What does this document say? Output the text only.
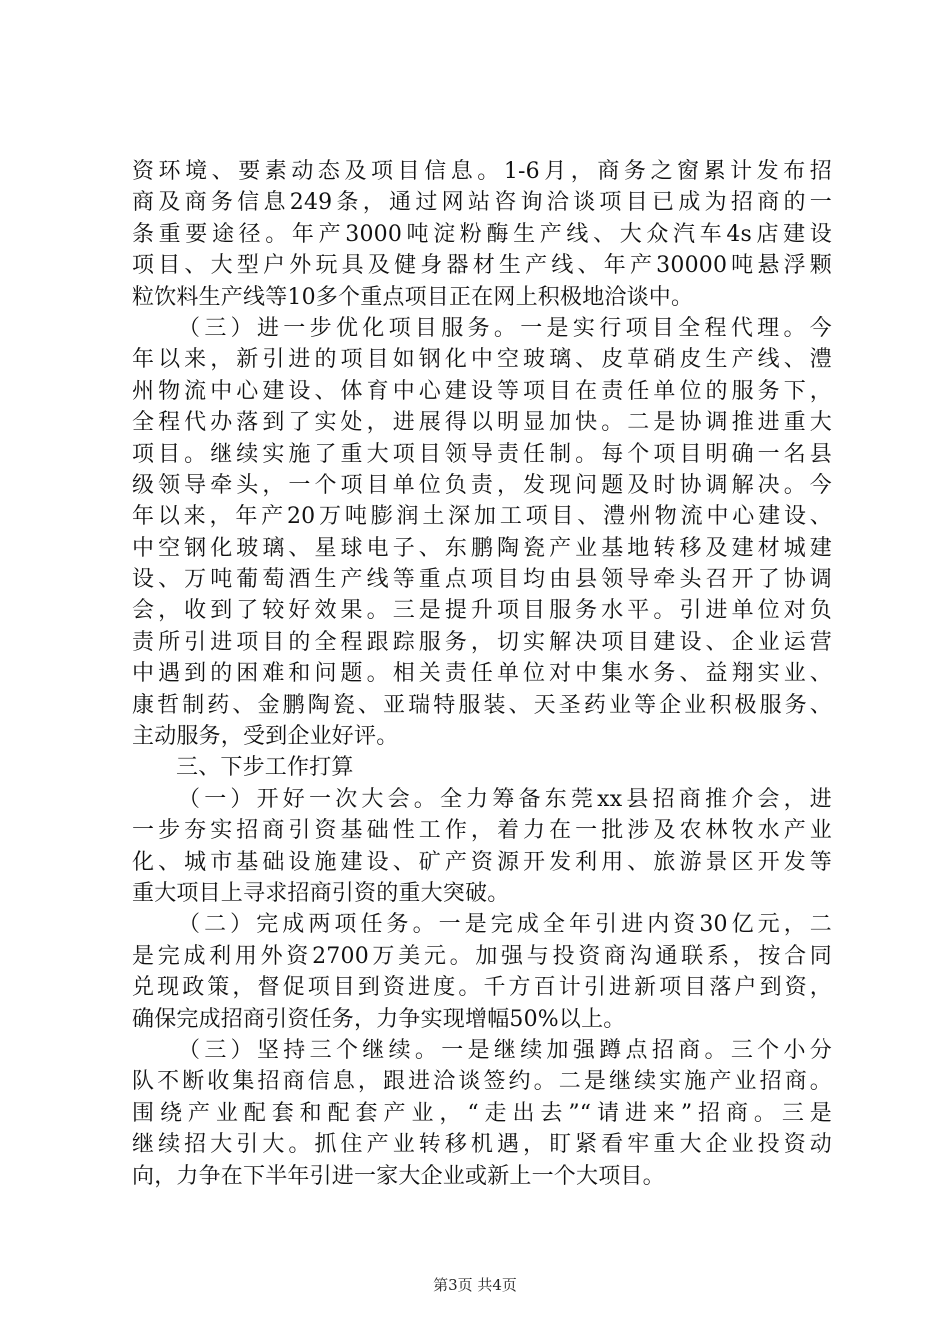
资环境、要素动态及项目信息。1-6月，商务之窗累计发布招
商及商务信息249条，通过网站咨询洽谈项目已成为招商的一
条重要途径。年产3000吨淀粉酶生产线、大众汽车4s店建设
项目、大型户外玩具及健身器材生产线、年产30000吨悬浮颗
粒饮料生产线等10多个重点项目正在网上积极地洽谈中。
（三）进一步优化项目服务。一是实行项目全程代理。今
年以来，新引进的项目如钢化中空玻璃、皮草硝皮生产线、澧
州物流中心建设、体育中心建设等项目在责任单位的服务下，
全程代办落到了实处，进展得以明显加快。二是协调推进重大
项目。继续实施了重大项目领导责任制。每个项目明确一名县
级领导牵头，一个项目单位负责，发现问题及时协调解决。今
年以来，年产20万吨膨润土深加工项目、澧州物流中心建设、
中空钢化玻璃、星球电子、东鹏陶瓷产业基地转移及建材城建
设、万吨葡萄酒生产线等重点项目均由县领导牵头召开了协调
会，收到了较好效果。三是提升项目服务水平。引进单位对负
责所引进项目的全程跟踪服务，切实解决项目建设、企业运营
中遇到的困难和问题。相关责任单位对中集水务、益翔实业、
康哲制药、金鹏陶瓷、亚瑞特服装、天圣药业等企业积极服务、
主动服务，受到企业好评。
三、下步工作打算
（一）开好一次大会。全力筹备东莞xx县招商推介会，进
一步夯实招商引资基础性工作，着力在一批涉及农林牧水产业
化、城市基础设施建设、矿产资源开发利用、旅游景区开发等
重大项目上寻求招商引资的重大突破。
（二）完成两项任务。一是完成全年引进内资30亿元，二
是完成利用外资2700万美元。加强与投资商沟通联系，按合同
兑现政策，督促项目到资进度。千方百计引进新项目落户到资，
确保完成招商引资任务，力争实现增幅50%以上。
（三）坚持三个继续。一是继续加强蹲点招商。三个小分
队不断收集招商信息，跟进洽谈签约。二是继续实施产业招商。
围绕产业配套和配套产业，“走出去”“请进来”招商。三是
继续招大引大。抓住产业转移机遇，盯紧看牢重大企业投资动
向，力争在下半年引进一家大企业或新上一个大项目。
第3页 共4页
